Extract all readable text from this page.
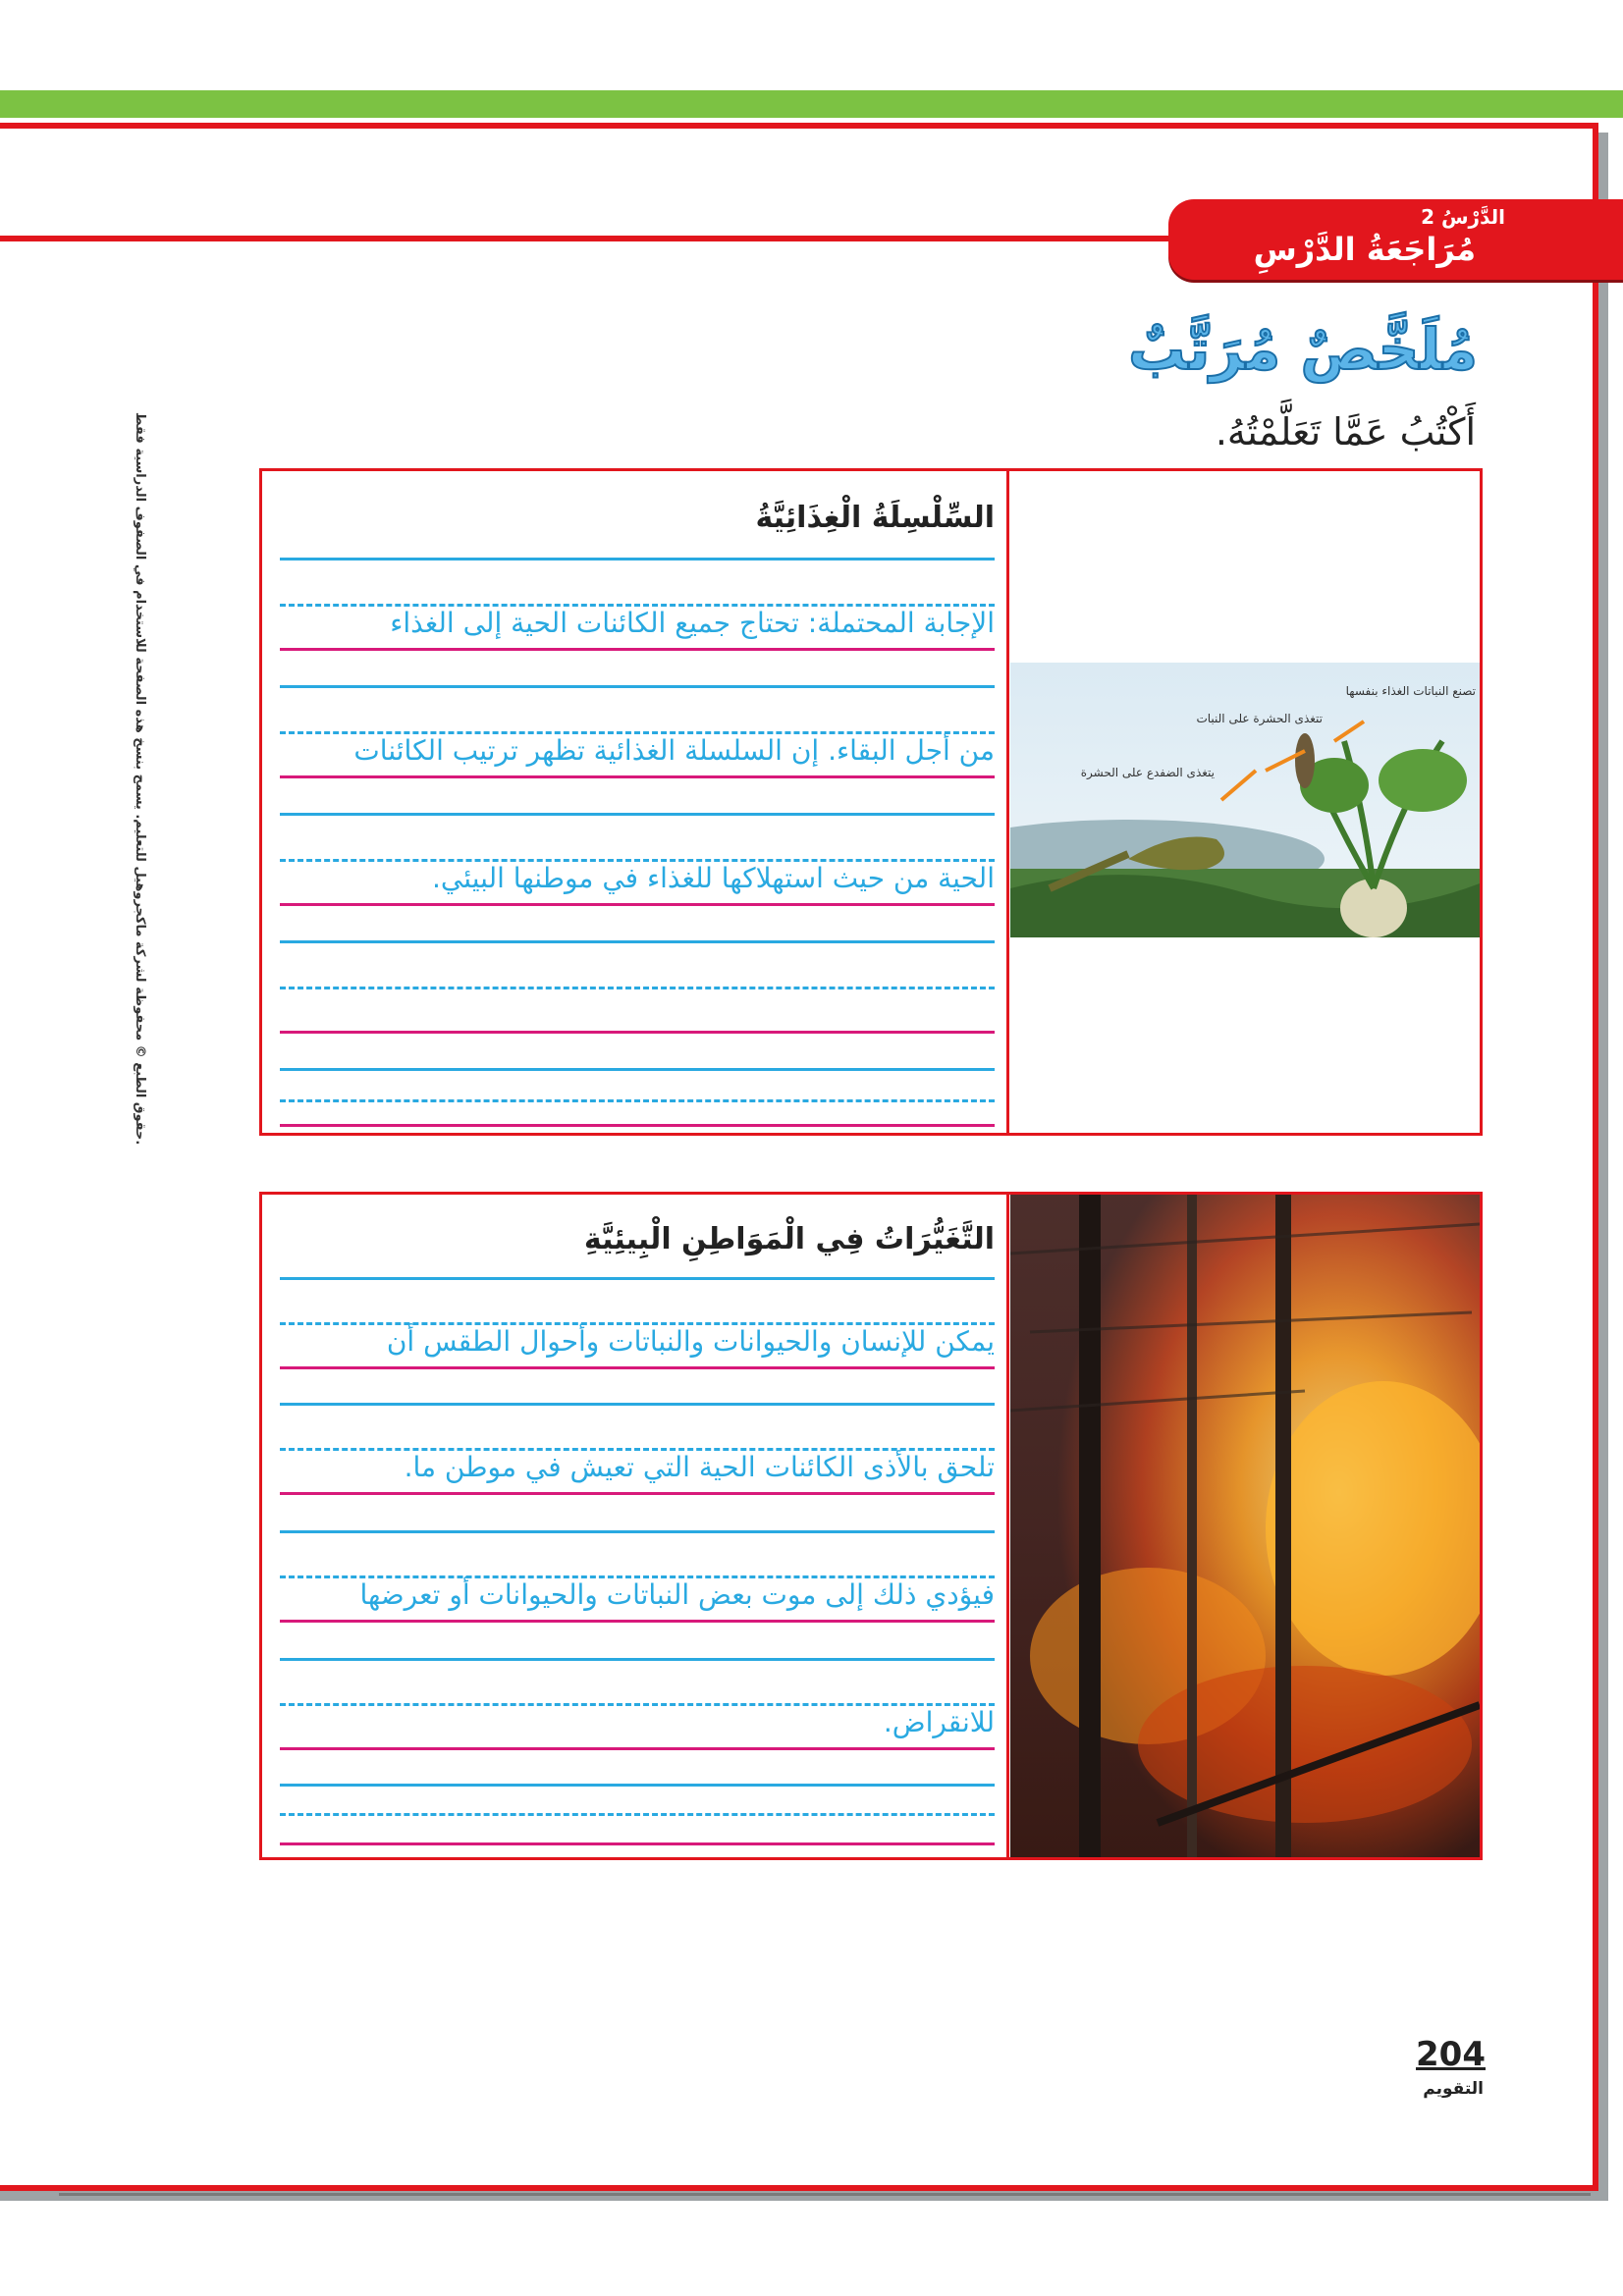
حقوق الطبع © محفوظة لشركة ماكجروهيل للتعليم. يسمح بنسخ هذه الصفحة للاستخدام في الصفوف الدراسية فقط.
الدَّرْسُ 2
مُرَاجَعَةُ الدَّرْسِ
مُلَخَّصٌ مُرَتَّبٌ
أَكْتُبُ عَمَّا تَعَلَّمْتُهُ.
السِّلْسِلَةُ الْغِذَائِيَّةُ
الإجابة المحتملة: تحتاج جميع الكائنات الحية إلى الغذاء
من أجل البقاء. إن السلسلة الغذائية تظهر ترتيب الكائنات
الحية من حيث استهلاكها للغذاء في موطنها البيئي.
تصنع النباتات الغذاء بنفسها
تتغذى الحشرة على النبات
يتغذى الضفدع على الحشرة
التَّغَيُّرَاتُ فِي الْمَوَاطِنِ الْبِيئِيَّةِ
يمكن للإنسان والحيوانات والنباتات وأحوال الطقس أن
تلحق بالأذى الكائنات الحية التي تعيش في موطن ما.
فيؤدي ذلك إلى موت بعض النباتات والحيوانات أو تعرضها
للانقراض.
204
التقويم
